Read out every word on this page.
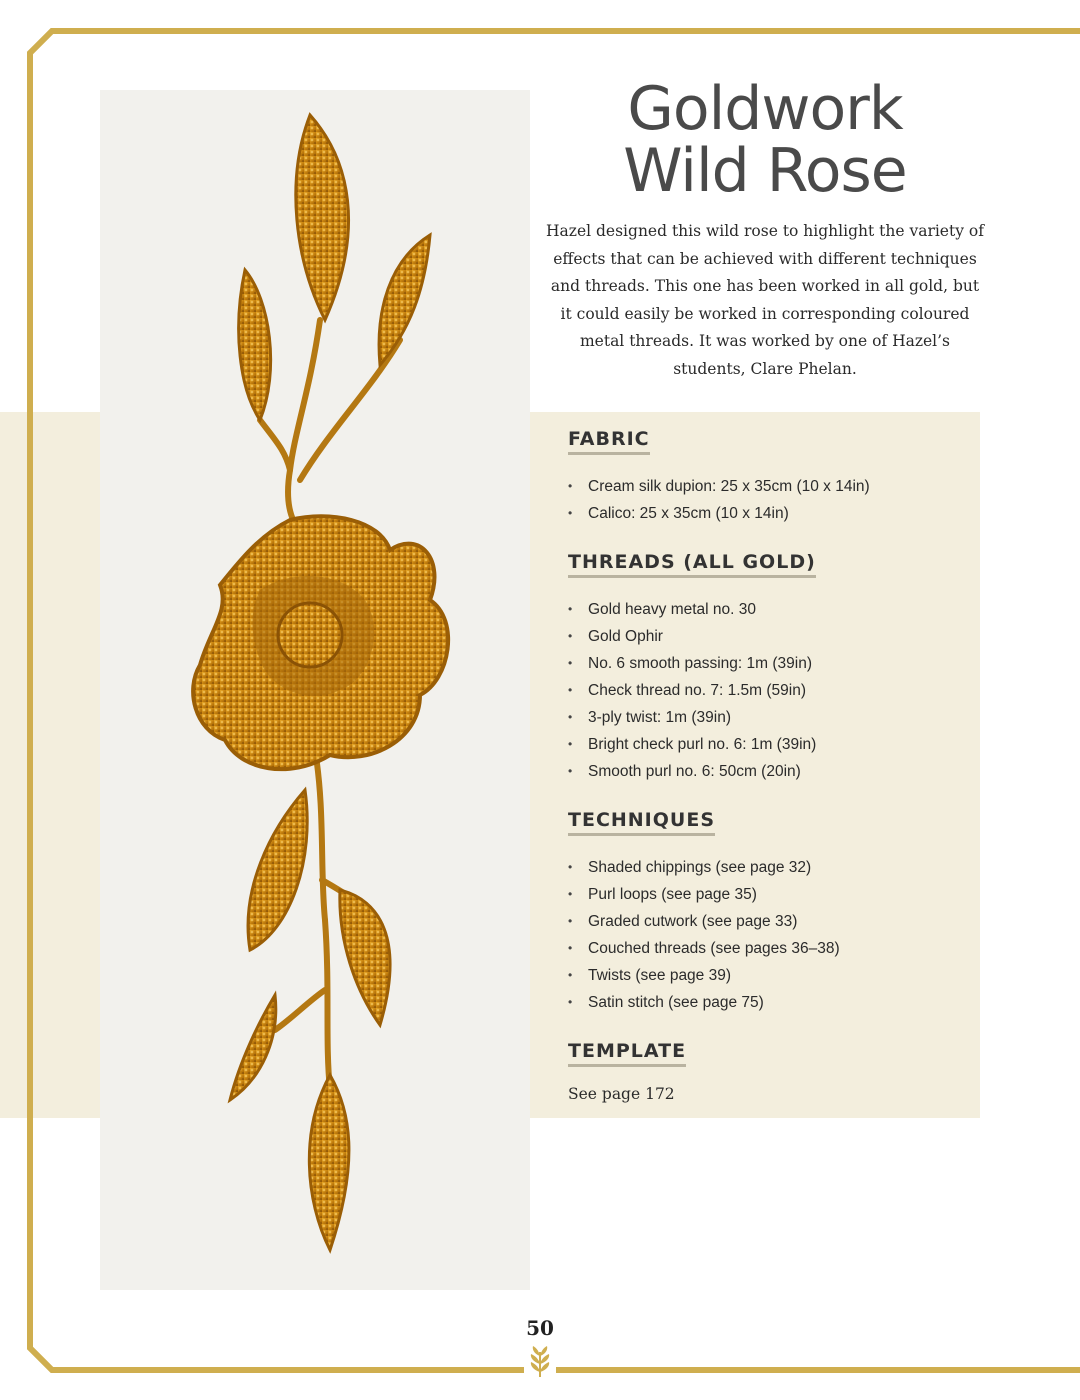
Goldwork
Wild Rose

Hazel designed this wild rose to highlight the variety of effects that can be achieved with different techniques and threads. This one has been worked in all gold, but it could easily be worked in corresponding coloured metal threads. It was worked by one of Hazel’s students, Clare Phelan.

FABRIC
• Cream silk dupion: 25 x 35cm (10 x 14in)
• Calico: 25 x 35cm (10 x 14in)
THREADS (ALL GOLD)
• Gold heavy metal no. 30
• Gold Ophir
• No. 6 smooth passing: 1m (39in)
• Check thread no. 7: 1.5m (59in)
• 3-ply twist: 1m (39in)
• Bright check purl no. 6: 1m (39in)
• Smooth purl no. 6: 50cm (20in)
TECHNIQUES
• Shaded chippings (see page 32)
• Purl loops (see page 35)
• Graded cutwork (see page 33)
• Couched threads (see pages 36–38)
• Twists (see page 39)
• Satin stitch (see page 75)
TEMPLATE

See page 172

50
